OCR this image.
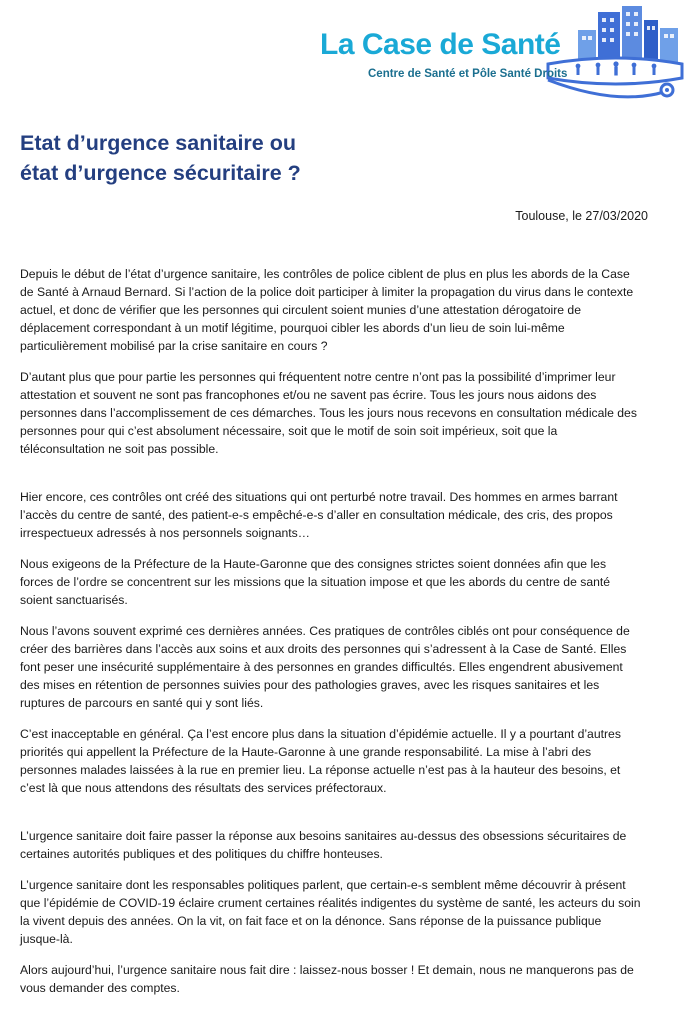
La Case de Santé
Centre de Santé et Pôle Santé Droits
Etat d’urgence sanitaire ou
état d’urgence sécuritaire ?
Toulouse, le 27/03/2020

Depuis le début de l’état d’urgence sanitaire, les contrôles de police ciblent de plus en plus les abords de la Case de Santé à Arnaud Bernard. Si l’action de la police doit participer à limiter la propagation du virus dans le contexte actuel, et donc de vérifier que les personnes qui circulent soient munies d’une attestation dérogatoire de déplacement correspondant à un motif légitime, pourquoi cibler les abords d’un lieu de soin lui-même particulièrement mobilisé par la crise sanitaire en cours ?

D’autant plus que pour partie les personnes qui fréquentent notre centre n’ont pas la possibilité d’imprimer leur attestation et souvent ne sont pas francophones et/ou ne savent pas écrire. Tous les jours nous aidons des personnes dans l’accomplissement de ces démarches. Tous les jours nous recevons en consultation médicale des personnes pour qui c’est absolument nécessaire, soit que le motif de soin soit impérieux, soit que la téléconsultation ne soit pas possible.

Hier encore, ces contrôles ont créé des situations qui ont perturbé notre travail. Des hommes en armes barrant l’accès du centre de santé, des patient-e-s empêché-e-s d’aller en consultation médicale, des cris, des propos irrespectueux adressés à nos personnels soignants…

Nous exigeons de la Préfecture de la Haute-Garonne que des consignes strictes soient données afin que les forces de l’ordre se concentrent sur les missions que la situation impose et que les abords du centre de santé soient sanctuarisés.

Nous l’avons souvent exprimé ces dernières années. Ces pratiques de contrôles ciblés ont pour conséquence de créer des barrières dans l’accès aux soins et aux droits des personnes qui s’adressent à la Case de Santé. Elles font peser une insécurité supplémentaire à des personnes en grandes difficultés. Elles engendrent abusivement des mises en rétention de personnes suivies pour des pathologies graves, avec les risques sanitaires et les ruptures de parcours en santé qui y sont liés.

C’est inacceptable en général. Ça l’est encore plus dans la situation d’épidémie actuelle. Il y a pourtant d’autres priorités qui appellent la Préfecture de la Haute-Garonne à une grande responsabilité. La mise à l’abri des personnes malades laissées à la rue en premier lieu. La réponse actuelle n’est pas à la hauteur des besoins, et c’est là que nous attendons des résultats des services préfectoraux.

L’urgence sanitaire doit faire passer la réponse aux besoins sanitaires au-dessus des obsessions sécuritaires de certaines autorités publiques et des politiques du chiffre honteuses.

L’urgence sanitaire dont les responsables politiques parlent, que certain-e-s semblent même découvrir à présent que l’épidémie de COVID-19 éclaire crument certaines réalités indigentes du système de santé, les acteurs du soin la vivent depuis des années. On la vit, on fait face et on la dénonce. Sans réponse de la puissance publique jusque-là.

Alors aujourd’hui, l’urgence sanitaire nous fait dire : laissez-nous bosser ! Et demain, nous ne manquerons pas de vous demander des comptes.
